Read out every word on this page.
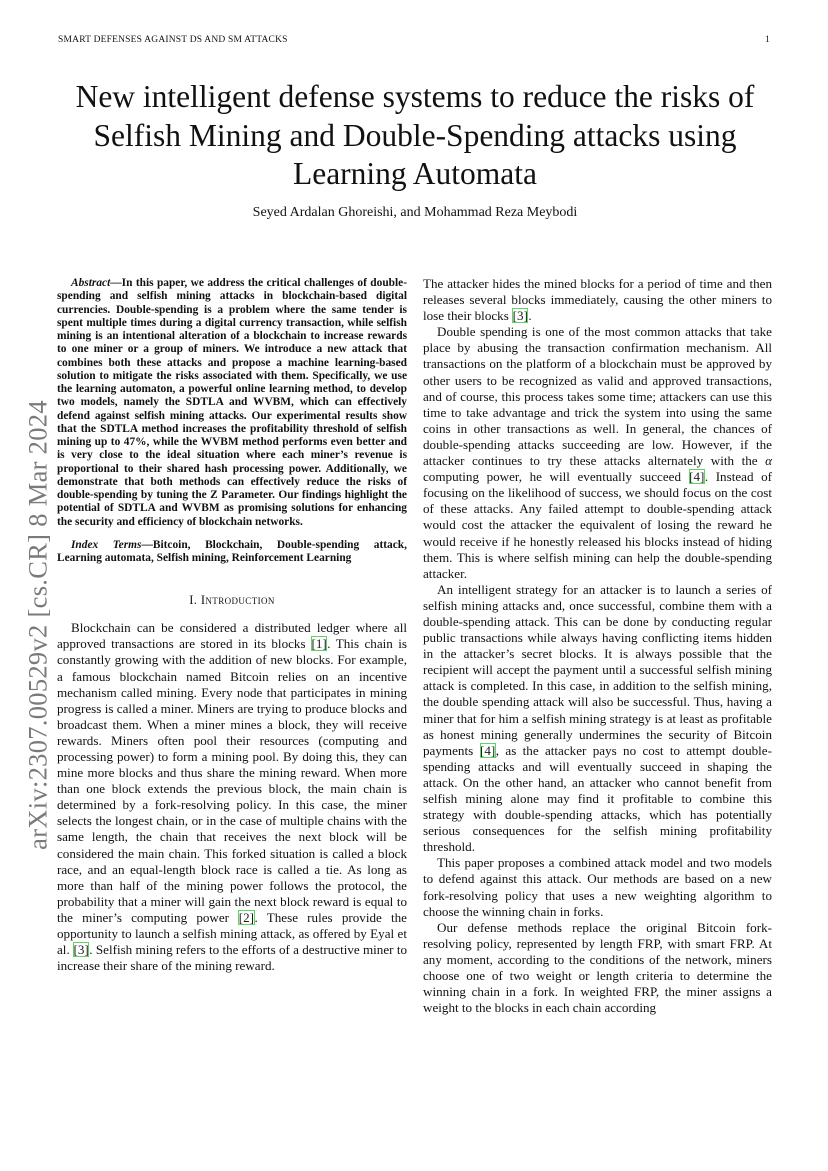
SMART DEFENSES AGAINST DS AND SM ATTACKS	1
arXiv:2307.00529v2 [cs.CR] 8 Mar 2024
New intelligent defense systems to reduce the risks of Selfish Mining and Double-Spending attacks using Learning Automata
Seyed Ardalan Ghoreishi, and Mohammad Reza Meybodi

Abstract—In this paper, we address the critical challenges of double-spending and selfish mining attacks in blockchain-based digital currencies. Double-spending is a problem where the same tender is spent multiple times during a digital currency transaction, while selfish mining is an intentional alteration of a blockchain to increase rewards to one miner or a group of miners. We introduce a new attack that combines both these attacks and propose a machine learning-based solution to mitigate the risks associated with them. Specifically, we use the learning automaton, a powerful online learning method, to develop two models, namely the SDTLA and WVBM, which can effectively defend against selfish mining attacks. Our experimental results show that the SDTLA method increases the profitability threshold of selfish mining up to 47%, while the WVBM method performs even better and is very close to the ideal situation where each miner’s revenue is proportional to their shared hash processing power. Additionally, we demonstrate that both methods can effectively reduce the risks of double-spending by tuning the Z Parameter. Our findings highlight the potential of SDTLA and WVBM as promising solutions for enhancing the security and efficiency of blockchain networks.

Index Terms—Bitcoin, Blockchain, Double-spending attack, Learning automata, Selfish mining, Reinforcement Learning

I. Introduction

Blockchain can be considered a distributed ledger where all approved transactions are stored in its blocks [1]. This chain is constantly growing with the addition of new blocks. For example, a famous blockchain named Bitcoin relies on an incentive mechanism called mining. Every node that participates in mining progress is called a miner. Miners are trying to produce blocks and broadcast them. When a miner mines a block, they will receive rewards. Miners often pool their resources (computing and processing power) to form a mining pool. By doing this, they can mine more blocks and thus share the mining reward. When more than one block extends the previous block, the main chain is determined by a fork-resolving policy. In this case, the miner selects the longest chain, or in the case of multiple chains with the same length, the chain that receives the next block will be considered the main chain. This forked situation is called a block race, and an equal-length block race is called a tie. As long as more than half of the mining power follows the protocol, the probability that a miner will gain the next block reward is equal to the miner’s computing power [2]. These rules provide the opportunity to launch a selfish mining attack, as offered by Eyal et al. [3]. Selfish mining refers to the efforts of a destructive miner to increase their share of the mining reward.

The attacker hides the mined blocks for a period of time and then releases several blocks immediately, causing the other miners to lose their blocks [3].

Double spending is one of the most common attacks that take place by abusing the transaction confirmation mechanism. All transactions on the platform of a blockchain must be approved by other users to be recognized as valid and approved transactions, and of course, this process takes some time; attackers can use this time to take advantage and trick the system into using the same coins in other transactions as well. In general, the chances of double-spending attacks succeeding are low. However, if the attacker continues to try these attacks alternately with the α computing power, he will eventually succeed [4]. Instead of focusing on the likelihood of success, we should focus on the cost of these attacks. Any failed attempt to double-spending attack would cost the attacker the equivalent of losing the reward he would receive if he honestly released his blocks instead of hiding them. This is where selfish mining can help the double-spending attacker.

An intelligent strategy for an attacker is to launch a series of selfish mining attacks and, once successful, combine them with a double-spending attack. This can be done by conducting regular public transactions while always having conflicting items hidden in the attacker’s secret blocks. It is always possible that the recipient will accept the payment until a successful selfish mining attack is completed. In this case, in addition to the selfish mining, the double spending attack will also be successful. Thus, having a miner that for him a selfish mining strategy is at least as profitable as honest mining generally undermines the security of Bitcoin payments [4], as the attacker pays no cost to attempt double-spending attacks and will eventually succeed in shaping the attack. On the other hand, an attacker who cannot benefit from selfish mining alone may find it profitable to combine this strategy with double-spending attacks, which has potentially serious consequences for the selfish mining profitability threshold.

This paper proposes a combined attack model and two models to defend against this attack. Our methods are based on a new fork-resolving policy that uses a new weighting algorithm to choose the winning chain in forks.

Our defense methods replace the original Bitcoin fork-resolving policy, represented by length FRP, with smart FRP. At any moment, according to the conditions of the network, miners choose one of two weight or length criteria to determine the winning chain in a fork. In weighted FRP, the miner assigns a weight to the blocks in each chain according
